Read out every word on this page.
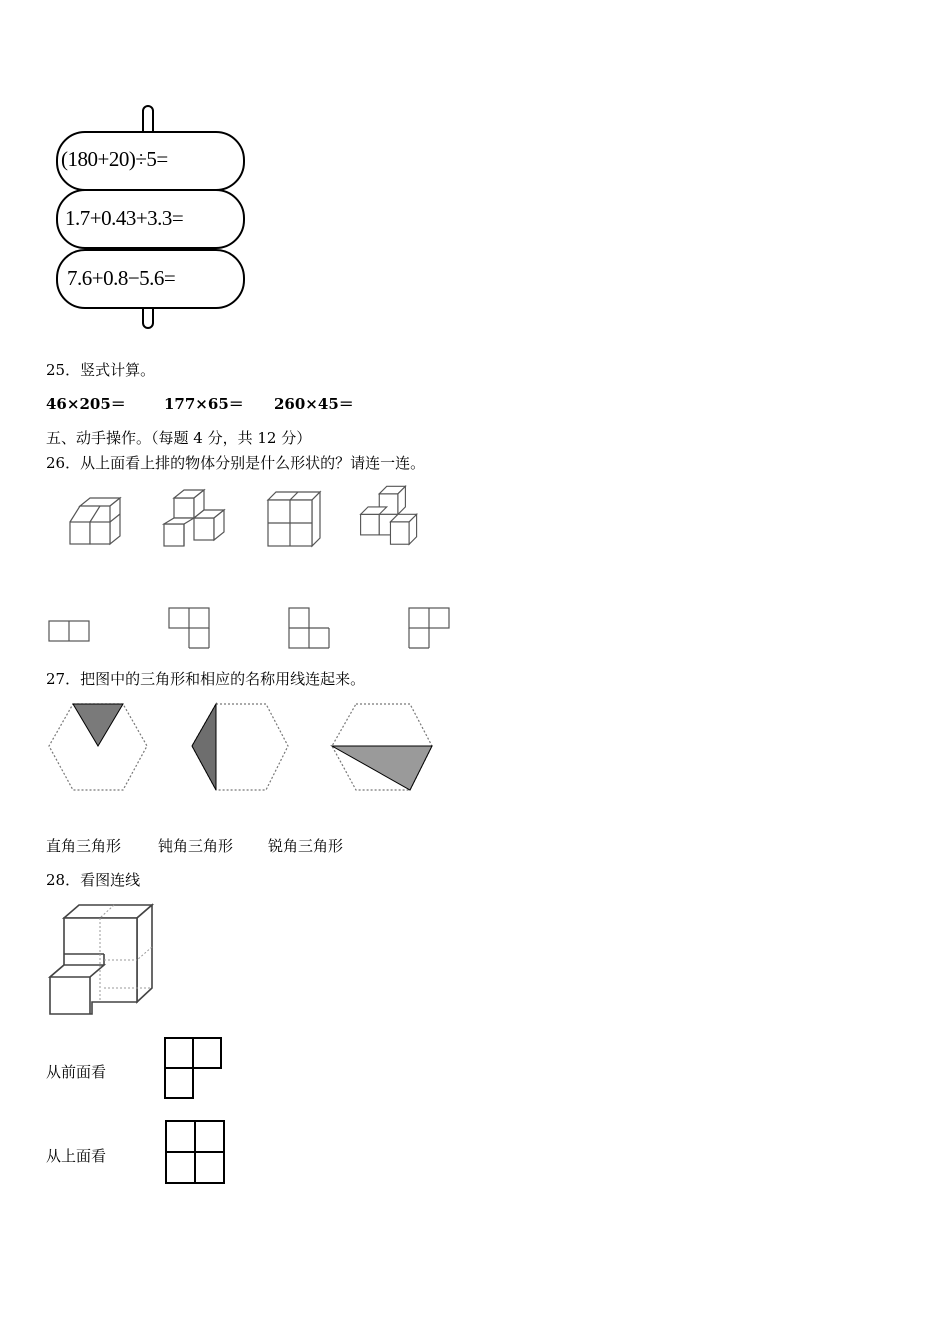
(180+20)÷5=
1.7+0.43+3.3=
7.6+0.8−5.6=
25．竖式计算。
46×205＝	177×65＝ 260×45＝
五、动手操作。（每题 4 分，共 12 分）
26．从上面看上排的物体分别是什么形状的？请连一连。
27．把图中的三角形和相应的名称用线连起来。
直角三角形 钝角三角形 锐角三角形
28．看图连线
从前面看
从上面看
